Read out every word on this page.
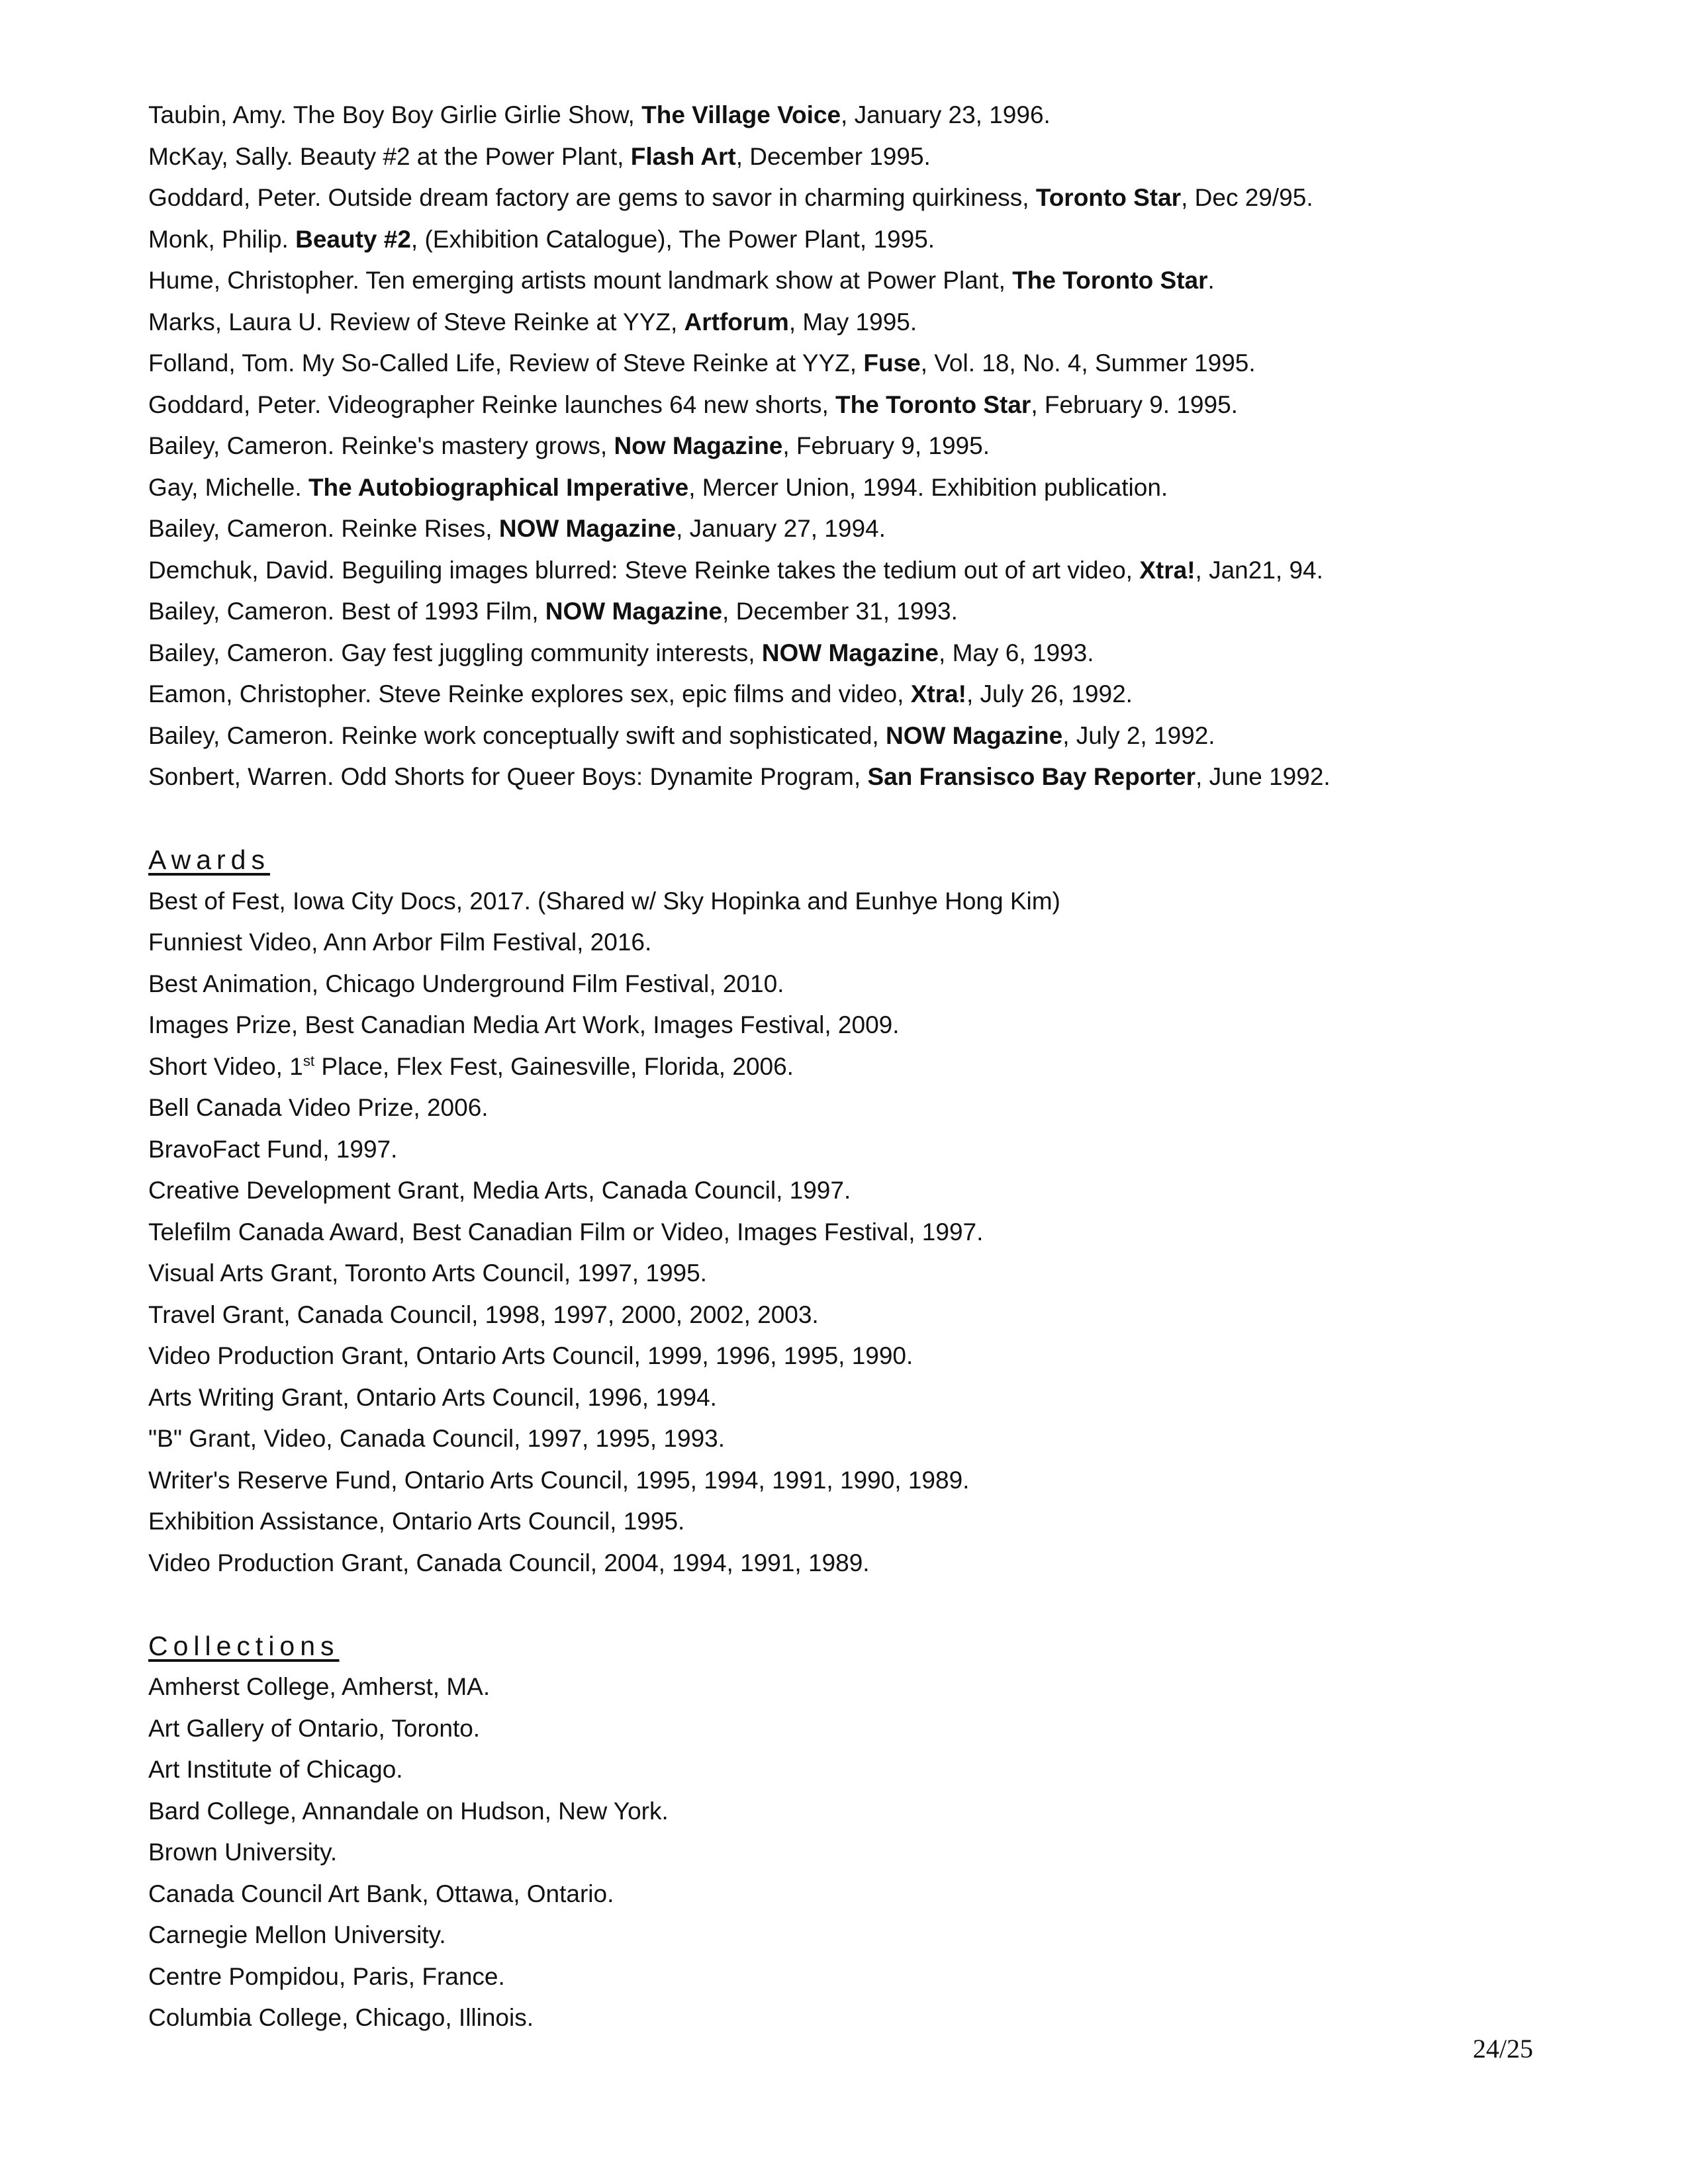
Taubin, Amy. The Boy Boy Girlie Girlie Show, The Village Voice, January 23, 1996.
McKay, Sally. Beauty #2 at the Power Plant, Flash Art, December 1995.
Goddard, Peter. Outside dream factory are gems to savor in charming quirkiness, Toronto Star, Dec 29/95.
Monk, Philip. Beauty #2, (Exhibition Catalogue), The Power Plant, 1995.
Hume, Christopher. Ten emerging artists mount landmark show at Power Plant, The Toronto Star.
Marks, Laura U. Review of Steve Reinke at YYZ, Artforum, May 1995.
Folland, Tom. My So-Called Life, Review of Steve Reinke at YYZ, Fuse, Vol. 18, No. 4, Summer 1995.
Goddard, Peter. Videographer Reinke launches 64 new shorts, The Toronto Star, February 9. 1995.
Bailey, Cameron. Reinke's mastery grows, Now Magazine, February 9, 1995.
Gay, Michelle. The Autobiographical Imperative, Mercer Union, 1994. Exhibition publication.
Bailey, Cameron. Reinke Rises, NOW Magazine, January 27, 1994.
Demchuk, David. Beguiling images blurred: Steve Reinke takes the tedium out of art video, Xtra!, Jan21, 94.
Bailey, Cameron. Best of 1993 Film, NOW Magazine, December 31, 1993.
Bailey, Cameron. Gay fest juggling community interests, NOW Magazine, May 6, 1993.
Eamon, Christopher. Steve Reinke explores sex, epic films and video, Xtra!, July 26, 1992.
Bailey, Cameron. Reinke work conceptually swift and sophisticated, NOW Magazine, July 2, 1992.
Sonbert, Warren. Odd Shorts for Queer Boys: Dynamite Program, San Fransisco Bay Reporter, June 1992.
Awards
Best of Fest, Iowa City Docs, 2017. (Shared w/ Sky Hopinka and Eunhye Hong Kim)
Funniest Video, Ann Arbor Film Festival, 2016.
Best Animation, Chicago Underground Film Festival, 2010.
Images Prize, Best Canadian Media Art Work, Images Festival, 2009.
Short Video, 1st Place, Flex Fest, Gainesville, Florida, 2006.
Bell Canada Video Prize, 2006.
BravoFact Fund, 1997.
Creative Development Grant, Media Arts, Canada Council, 1997.
Telefilm Canada Award, Best Canadian Film or Video, Images Festival, 1997.
Visual Arts Grant, Toronto Arts Council, 1997, 1995.
Travel Grant, Canada Council, 1998, 1997, 2000, 2002, 2003.
Video Production Grant, Ontario Arts Council, 1999, 1996, 1995, 1990.
Arts Writing Grant, Ontario Arts Council, 1996, 1994.
"B" Grant, Video, Canada Council, 1997, 1995, 1993.
Writer's Reserve Fund, Ontario Arts Council, 1995, 1994, 1991, 1990, 1989.
Exhibition Assistance, Ontario Arts Council, 1995.
Video Production Grant, Canada Council, 2004, 1994, 1991, 1989.
Collections
Amherst College, Amherst, MA.
Art Gallery of Ontario, Toronto.
Art Institute of Chicago.
Bard College, Annandale on Hudson, New York.
Brown University.
Canada Council Art Bank, Ottawa, Ontario.
Carnegie Mellon University.
Centre Pompidou, Paris, France.
Columbia College, Chicago, Illinois.
24/25
